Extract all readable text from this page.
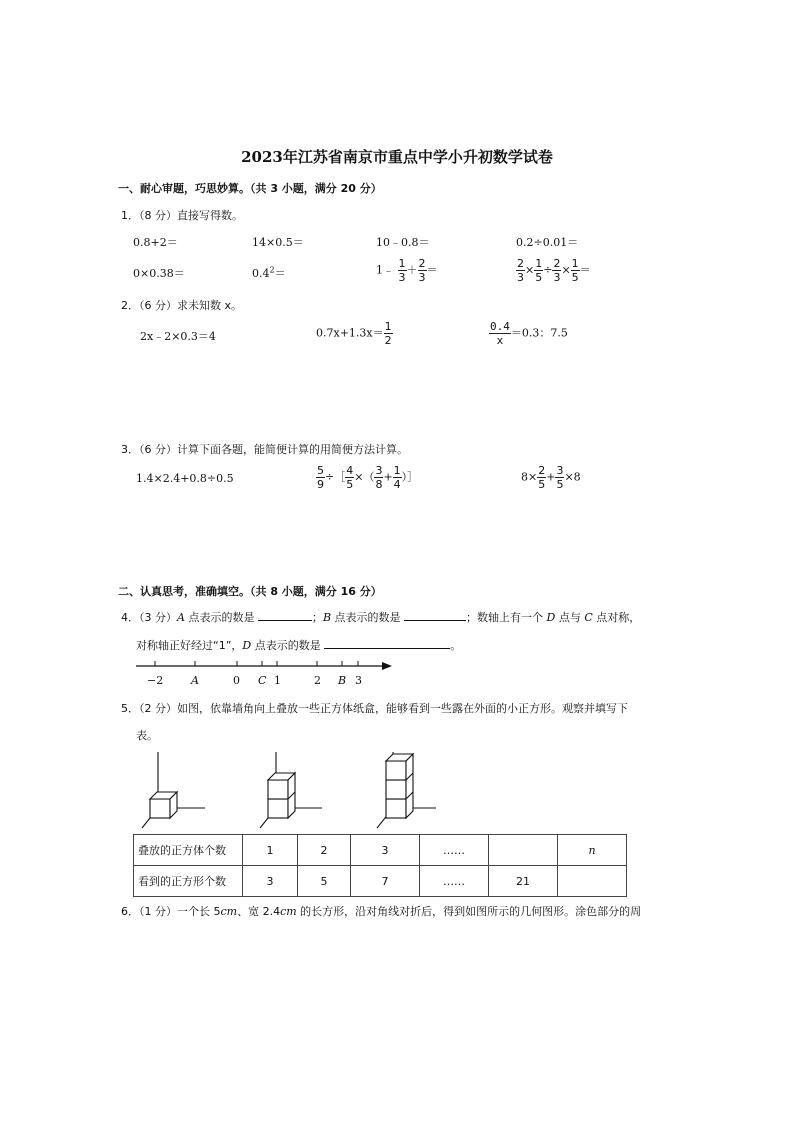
2023年江苏省南京市重点中学小升初数学试卷
一、耐心审题，巧思妙算。（共 3 小题，满分 20 分）
1．（8 分）直接写得数。
0.8+2＝	14×0.5＝	10﹣0.8＝	0.2÷0.01＝
0×0.38＝	$0.4^2=$	1﹣ $\frac{1}{3} + \frac{2}{3}$ ＝	$\frac{2}{3} \times \frac{1}{5} \div \frac{2}{3} \times \frac{1}{5}$ ＝
2．（6 分）求未知数 x。
2x﹣2×0.3＝4	$0.7x+1.3x= \frac{1}{2}$	$\frac{0.4}{x} =0.3$：7.5
3．（6 分）计算下面各题，能简便计算的用简便方法计算。
1.4×2.4+0.8÷0.5	$\frac{5}{9}$ ÷［ $\frac{4}{5}$ ×（ $\frac{3}{8} + \frac{1}{4}$ ）］	$8\times \frac{2}{5} + \frac{3}{5} \times 8$
二、认真思考，准确填空。（共 8 小题，满分 16 分）
4．（3 分）A 点表示的数是	；B 点表示的数是	；数轴上有一个 D 点与 C 点对称，
对称轴正好经过“1”，D 点表示的数是	。
−2	A	0 C 1	2 B 3
5．（2 分）如图，依靠墙角向上叠放一些正方体纸盒，能够看到一些露在外面的小正方形。观察并填写下
表。
叠放的正方体个数	1	2	3	……		n
看到的正方形个数	3	5	7	……	21	
6．（1 分）一个长 5cm、宽 2.4cm 的长方形，沿对角线对折后，得到如图所示的几何图形。涂色部分的周
